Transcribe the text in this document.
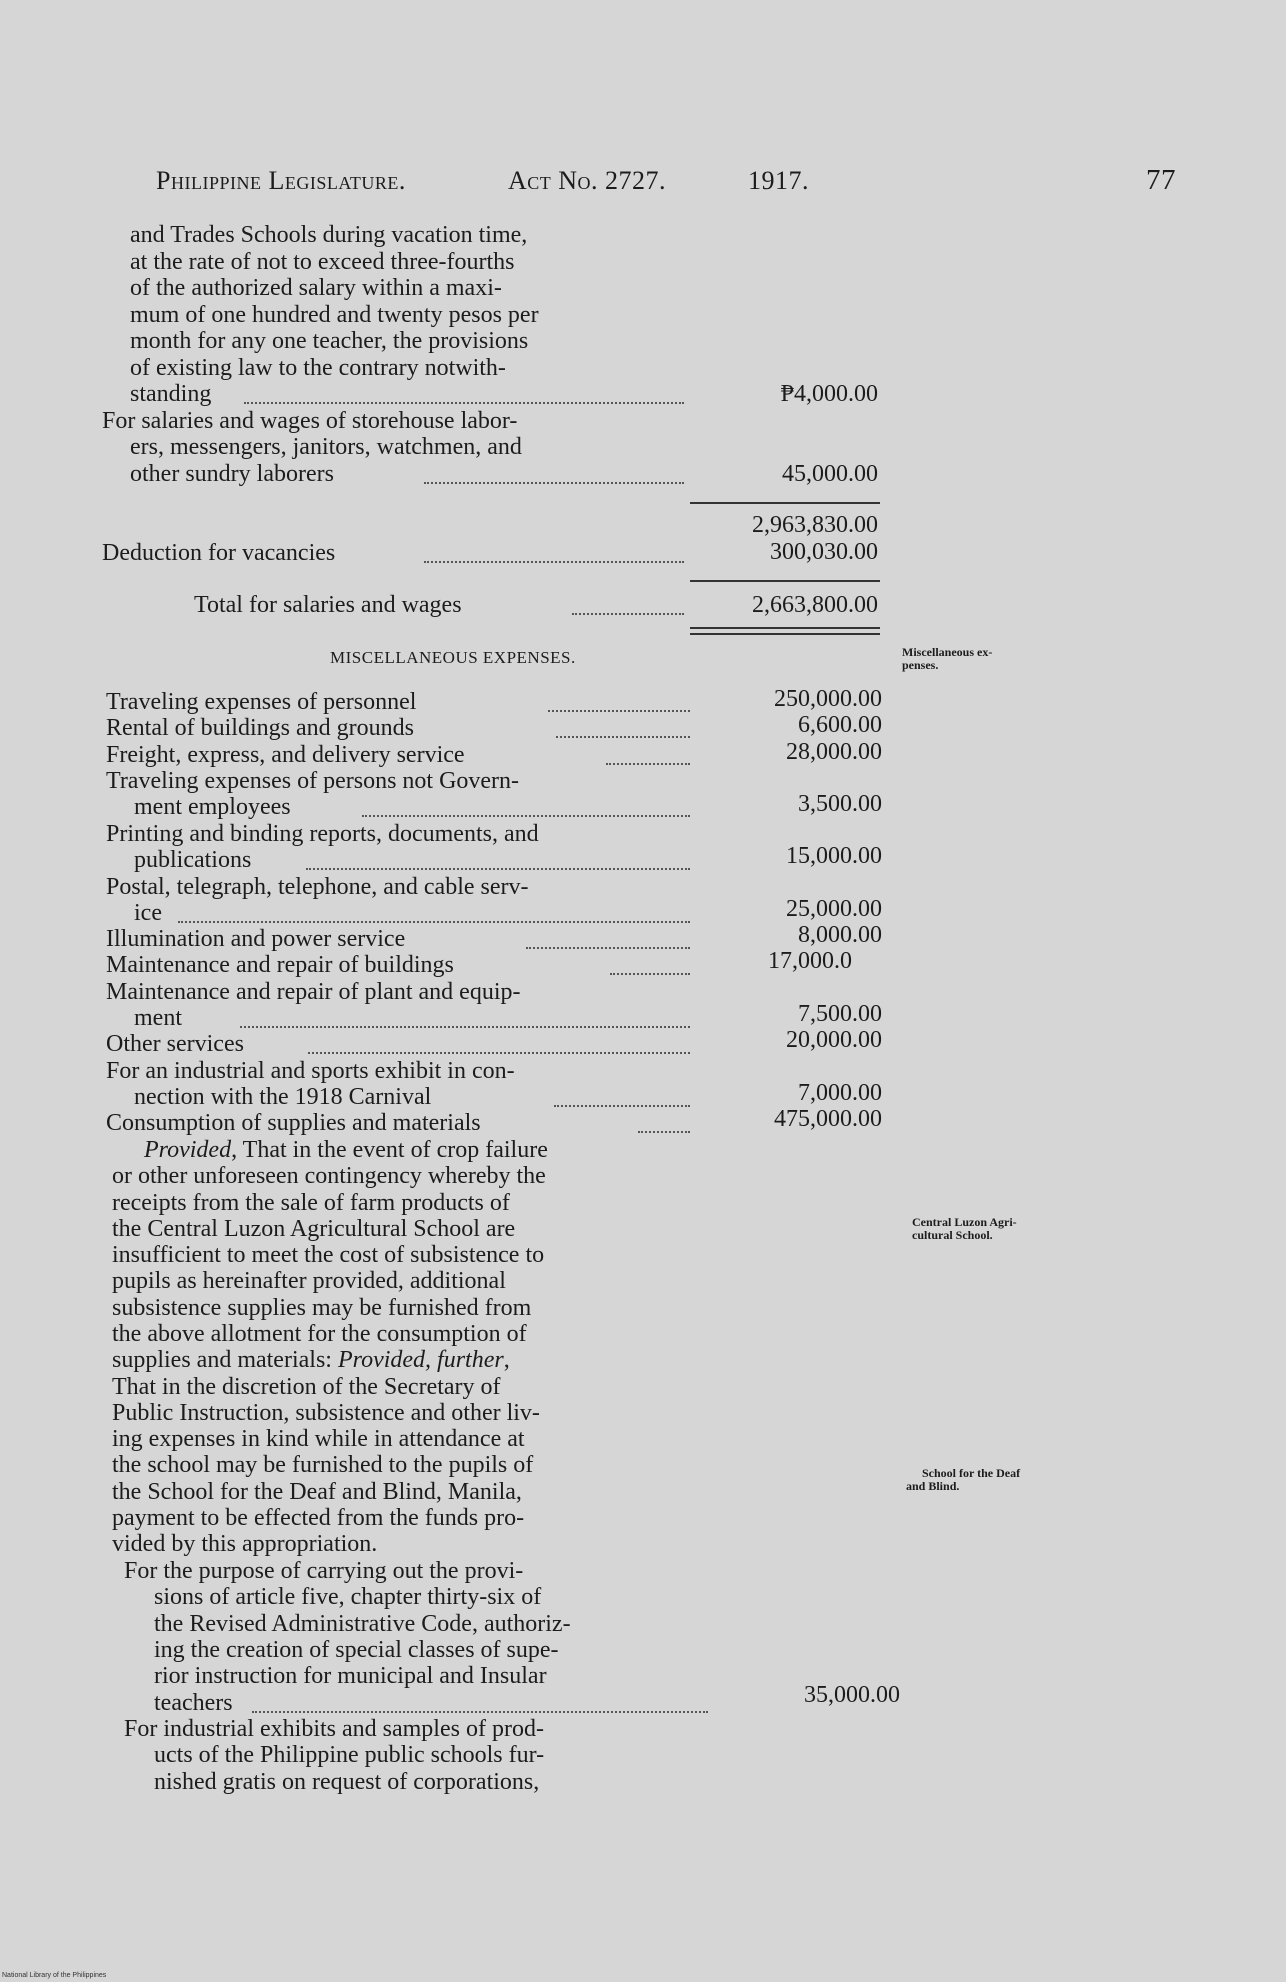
Philippine Legislature.	Act No. 2727.	1917.	77
and Trades Schools during vacation time,
at the rate of not to exceed three-fourths
of the authorized salary within a maxi-
mum of one hundred and twenty pesos per
month for any one teacher, the provisions
of existing law to the contrary notwith-
standing	₱4,000.00
For salaries and wages of storehouse labor-
ers, messengers, janitors, watchmen, and
other sundry laborers	45,000.00
2,963,830.00
Deduction for vacancies	300,030.00
Total for salaries and wages	2,663,800.00
MISCELLANEOUS EXPENSES.	Miscellaneous ex-
penses.
Traveling expenses of personnel	250,000.00
Rental of buildings and grounds	6,600.00
Freight, express, and delivery service	28,000.00
Traveling expenses of persons not Govern-
ment employees	3,500.00
Printing and binding reports, documents, and
publications	15,000.00
Postal, telegraph, telephone, and cable serv-
ice	25,000.00
Illumination and power service	8,000.00
Maintenance and repair of buildings	17,000.0
Maintenance and repair of plant and equip-
ment	7,500.00
Other services	20,000.00
For an industrial and sports exhibit in con-
nection with the 1918 Carnival	7,000.00
Consumption of supplies and materials	475,000.00
Provided, That in the event of crop failure
or other unforeseen contingency whereby the
receipts from the sale of farm products of
the Central Luzon Agricultural School are
insufficient to meet the cost of subsistence to
pupils as hereinafter provided, additional
subsistence supplies may be furnished from
the above allotment for the consumption of
supplies and materials: Provided, further,
That in the discretion of the Secretary of
Public Instruction, subsistence and other liv-
ing expenses in kind while in attendance at
the school may be furnished to the pupils of
the School for the Deaf and Blind, Manila,
payment to be effected from the funds pro-
vided by this appropriation.
Central Luzon Agri-
cultural School.
School for the Deaf
and Blind.
For the purpose of carrying out the provi-
sions of article five, chapter thirty-six of
the Revised Administrative Code, authoriz-
ing the creation of special classes of supe-
rior instruction for municipal and Insular
teachers	35,000.00
For industrial exhibits and samples of prod-
ucts of the Philippine public schools fur-
nished gratis on request of corporations,
National Library of the Philippines
